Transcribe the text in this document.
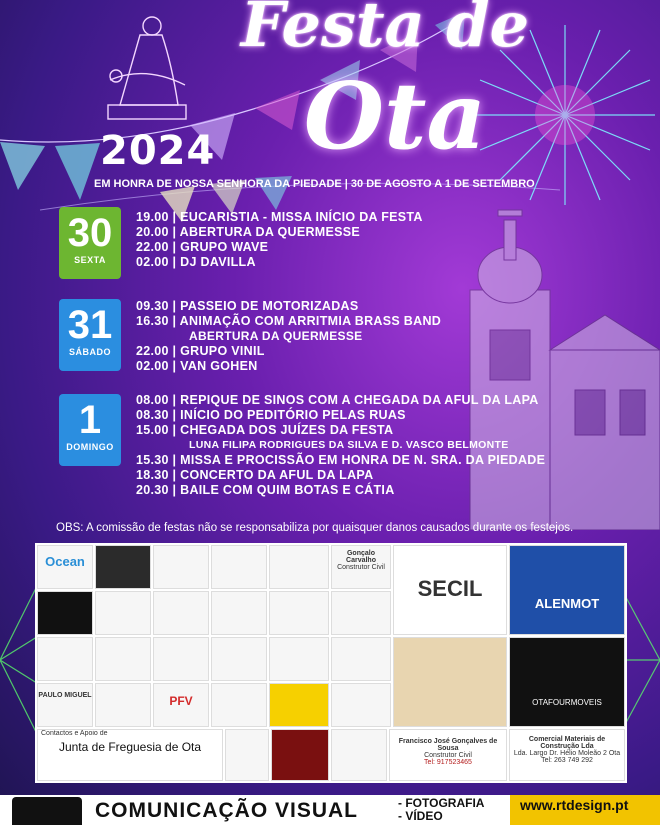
Festa de
Ota
2024
EM HONRA DE NOSSA SENHORA DA PIEDADE | 30 DE AGOSTO A 1 DE SETEMBRO
30
SEXTA
19.00 | EUCARISTIA - MISSA INÍCIO DA FESTA
20.00 | ABERTURA DA QUERMESSE
22.00 | GRUPO WAVE
02.00 | DJ DAVILLA
31
SÁBADO
09.30 | PASSEIO DE MOTORIZADAS
16.30 | ANIMAÇÃO COM ARRITMIA BRASS BAND
ABERTURA DA QUERMESSE
22.00 | GRUPO VINIL
02.00 | VAN GOHEN
1
DOMINGO
08.00 | REPIQUE DE SINOS COM A CHEGADA DA AFUL DA LAPA
08.30 | INÍCIO DO PEDITÓRIO PELAS RUAS
15.00 | CHEGADA DOS JUÍZES DA FESTA
LUNA FILIPA RODRIGUES DA SILVA E D. VASCO BELMONTE
15.30 | MISSA E PROCISSÃO EM HONRA DE N. SRA. DA PIEDADE
18.30 | CONCERTO DA AFUL DA LAPA
20.30 | BAILE COM QUIM BOTAS E CÁTIA
OBS: A comissão de festas não se responsabiliza por quaisquer danos causados durante os festejos.
Ocean
Gonçalo Carvalho
Construtor Civil
PAULO MIGUEL	PFV
SECIL
ALENMOT
OTAFOURMOVEIS
Contactos e Apoio de
Junta de Freguesia de Ota	Francisco José Gonçalves de Sousa
Construtor Civil
Tel: 917523465
Comercial Materiais de Construção Lda
Lda. Largo Dr. Hélio Moleão 2 Ota
Tel: 263 749 292
COMUNICAÇÃO VISUAL	- FOTOGRAFIA
- VÍDEO
www.rtdesign.pt
